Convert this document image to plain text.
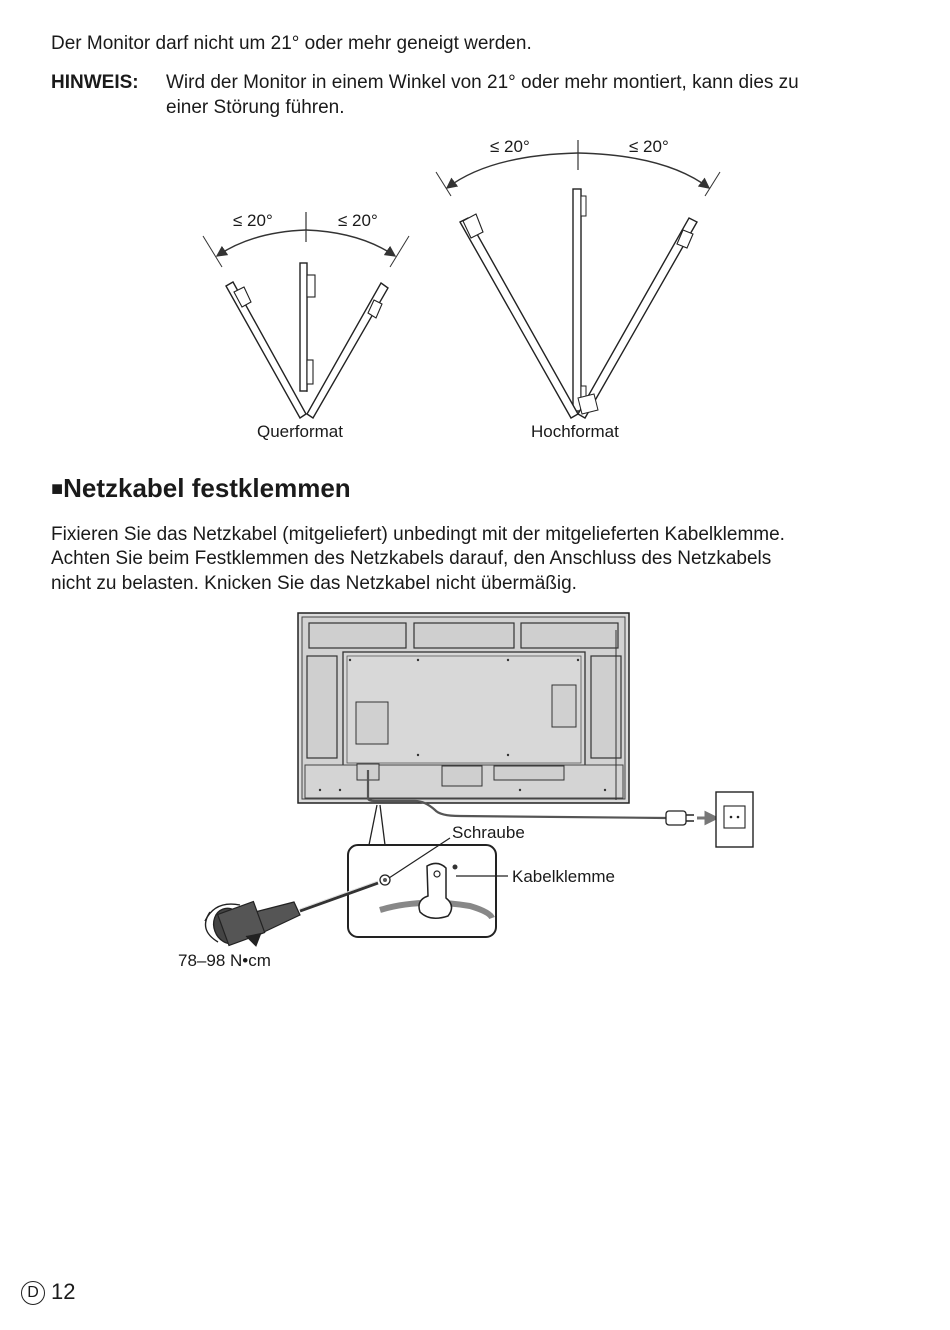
Der Monitor darf nicht um 21° oder mehr geneigt werden.
HINWEIS: Wird der Monitor in einem Winkel von 21° oder mehr montiert, kann dies zu
einer Störung führen.
≤ 20°	≤ 20°
≤ 20°	≤ 20°
Querformat	Hochformat
■Netzkabel festklemmen
Fixieren Sie das Netzkabel (mitgeliefert) unbedingt mit der mitgelieferten Kabelklemme.
Achten Sie beim Festklemmen des Netzkabels darauf, den Anschluss des Netzkabels
nicht zu belasten. Knicken Sie das Netzkabel nicht übermäßig.
Schraube
Kabelklemme
78–98 N•cm
D 12
